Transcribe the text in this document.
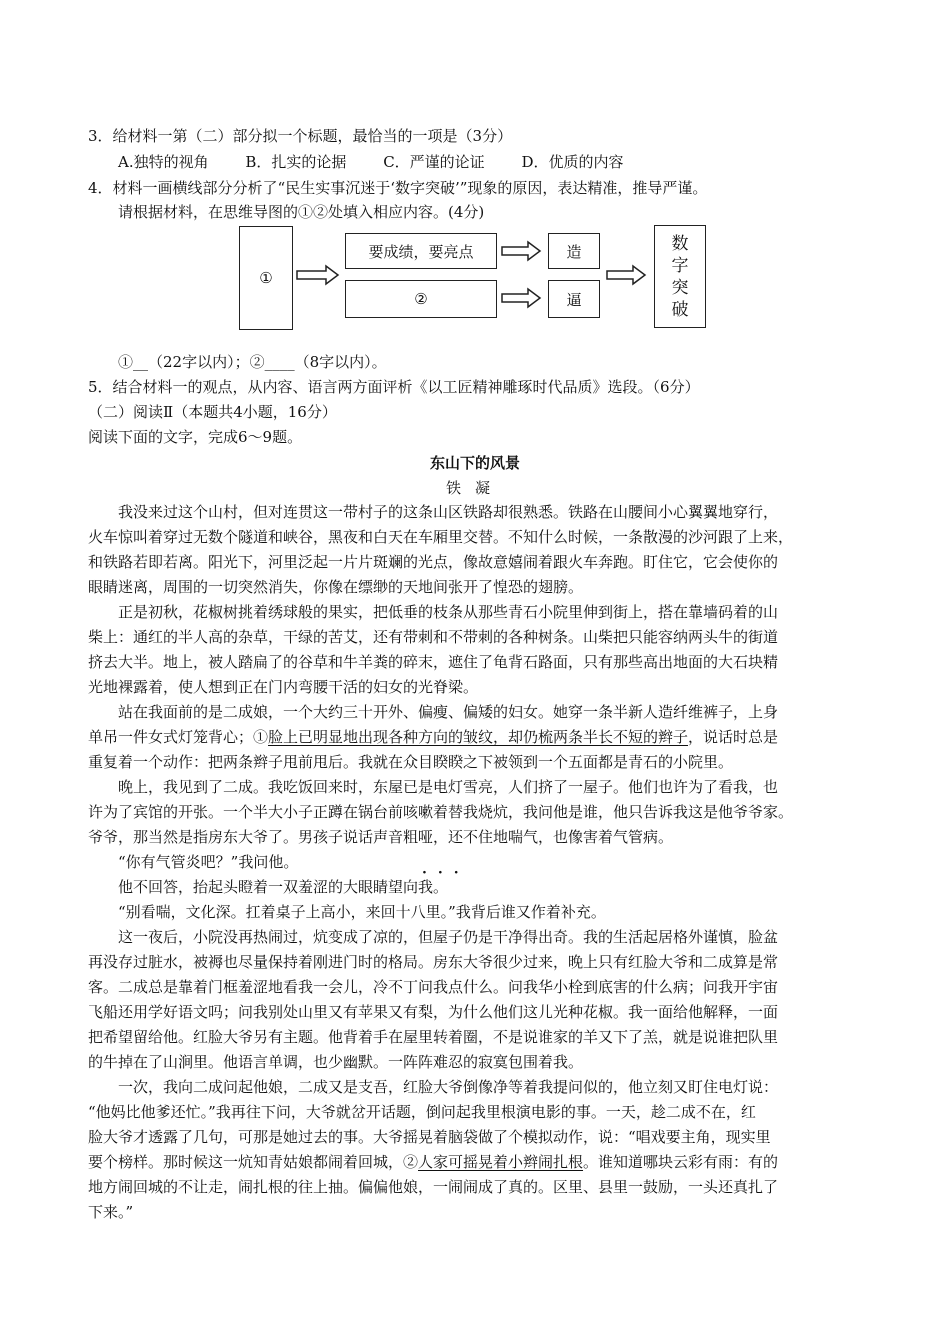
3．给材料一第（二）部分拟一个标题，最恰当的一项是（3分）
A.独特的视角 B．扎实的论据 C．严谨的论证 D．优质的内容
4．材料一画横线部分分析了“民生实事沉迷于‘数字突破’”现象的原因，表达精准，推导严谨。
请根据材料，在思维导图的①②处填入相应内容。(4分)
①
要成绩，要亮点
②
造
逼
数
字
突
破
①__（22字以内）；②____（8字以内）。
5．结合材料一的观点，从内容、语言两方面评析《以工匠精神雕琢时代品质》选段。（6分）
（二）阅读Ⅱ（本题共4小题，16分）
阅读下面的文字，完成6～9题。
东山下的风景
铁凝
我没来过这个山村，但对连贯这一带村子的这条山区铁路却很熟悉。铁路在山腰间小心翼翼地穿行，
火车惊叫着穿过无数个隧道和峡谷，黑夜和白天在车厢里交替。不知什么时候，一条散漫的沙河跟了上来，
和铁路若即若离。阳光下，河里泛起一片片斑斓的光点，像故意嬉闹着跟火车奔跑。盯住它，它会使你的
眼睛迷离，周围的一切突然消失，你像在缥缈的天地间张开了惶恐的翅膀。
正是初秋，花椒树挑着绣球般的果实，把低垂的枝条从那些青石小院里伸到街上，搭在靠墙码着的山
柴上：通红的半人高的杂草，干绿的苦艾，还有带刺和不带刺的各种树条。山柴把只能容纳两头牛的街道
挤去大半。地上，被人踏扁了的谷草和牛羊粪的碎末，遮住了龟背石路面，只有那些高出地面的大石块精
光地裸露着，使人想到正在门内弯腰干活的妇女的光脊梁。
站在我面前的是二成娘，一个大约三十开外、偏瘦、偏矮的妇女。她穿一条半新人造纤维裤子，上身
单吊一件女式灯笼背心；①脸上已明显地出现各种方向的皱纹，却仍梳两条半长不短的辫子，说话时总是
重复着一个动作：把两条辫子甩前甩后。我就在众目睽睽之下被领到一个五面都是青石的小院里。
晚上，我见到了二成。我吃饭回来时，东屋已是电灯雪亮，人们挤了一屋子。他们也许为了看我，也
许为了宾馆的开张。一个半大小子正蹲在锅台前咳嗽着替我烧炕，我问他是谁，他只告诉我这是他爷爷家。
爷爷，那当然是指房东大爷了。男孩子说话声音粗哑，还不住地喘气，也像害着气管病。
“你有气管炎吧？”我问他。
···
他不回答，抬起头瞪着一双羞涩的大眼睛望向我。
“别看喘，文化深。扛着桌子上高小，来回十八里。”我背后谁又作着补充。
这一夜后，小院没再热闹过，炕变成了凉的，但屋子仍是干净得出奇。我的生活起居格外谨慎，脸盆
再没存过脏水，被褥也尽量保持着刚进门时的格局。房东大爷很少过来，晚上只有红脸大爷和二成算是常
客。二成总是靠着门框羞涩地看我一会儿，冷不丁问我点什么。问我华小栓到底害的什么病；问我开宇宙
飞船还用学好语文吗；问我别处山里又有苹果又有梨，为什么他们这儿光种花椒。我一面给他解释，一面
把希望留给他。红脸大爷另有主题。他背着手在屋里转着圈，不是说谁家的羊又下了羔，就是说谁把队里
的牛掉在了山涧里。他语言单调，也少幽默。一阵阵难忍的寂寞包围着我。
一次，我向二成问起他娘，二成又是支吾，红脸大爷倒像净等着我提问似的，他立刻又盯住电灯说：
“他妈比他爹还忙。”我再往下问，大爷就岔开话题，倒问起我里根演电影的事。一天，趁二成不在，红
脸大爷才透露了几句，可那是她过去的事。大爷摇晃着脑袋做了个模拟动作，说：“唱戏要主角，现实里
要个榜样。那时候这一炕知青姑娘都闹着回城，②人家可摇晃着小辫闹扎根。谁知道哪块云彩有雨：有的
地方闹回城的不让走，闹扎根的往上抽。偏偏他娘，一闹闹成了真的。区里、县里一鼓励，一头还真扎了
下来。”
